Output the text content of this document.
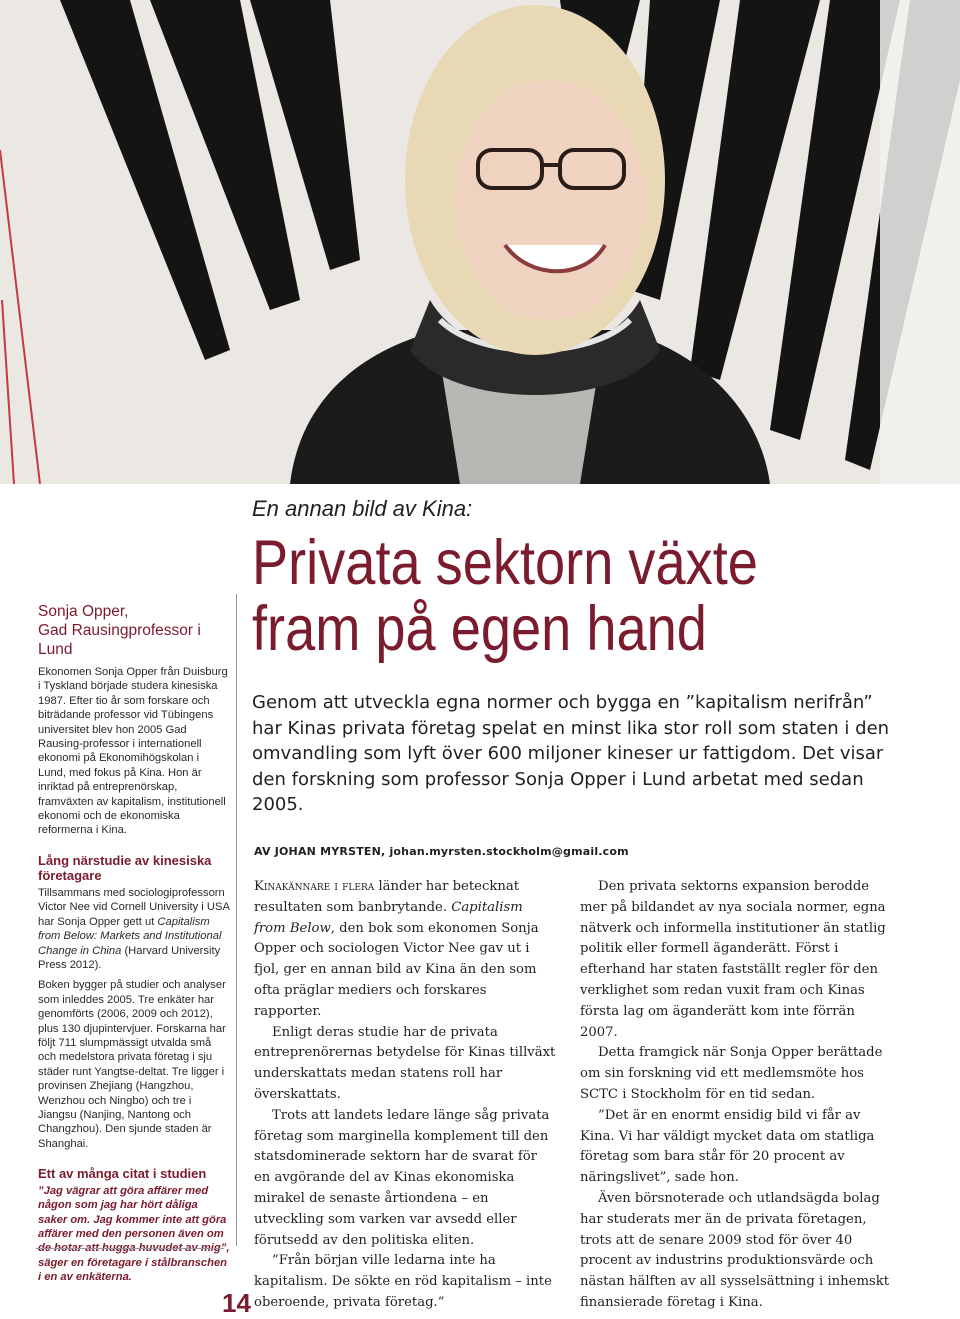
Sonja Opper,
Gad Rausingprofessor i Lund

Ekonomen Sonja Opper från Duisburg i Tyskland började studera kinesiska 1987. Efter tio år som forskare och biträdande professor vid Tübingens universitet blev hon 2005 Gad Rausing-professor i internationell ekonomi på Ekonomihögskolan i Lund, med fokus på Kina. Hon är inriktad på entreprenörskap, framväxten av kapitalism, institutionell ekonomi och de ekonomiska reformerna i Kina.

Lång närstudie av kinesiska företagare

Tillsammans med sociologiprofessorn Victor Nee vid Cornell University i USA har Sonja Opper gett ut Capitalism from Below: Markets and Institutional Change in China (Harvard University Press 2012).

Boken bygger på studier och analyser som inleddes 2005. Tre enkäter har genomförts (2006, 2009 och 2012), plus 130 djupintervjuer. Forskarna har följt 711 slumpmässigt utvalda små och medelstora privata företag i sju städer runt Yangtse-deltat. Tre ligger i provinsen Zhejiang (Hangzhou, Wenzhou och Ningbo) och tre i Jiangsu (Nanjing, Nantong och Changzhou). Den sjunde staden är Shanghai.

Ett av många citat i studien

”Jag vägrar att göra affärer med någon som jag har hört dåliga saker om. Jag kommer inte att göra affärer med den personen även om de hotar att hugga huvudet av mig”, säger en företagare i stålbranschen i en av enkäterna.

14
En annan bild av Kina:
Privata sektorn växte
fram på egen hand
Genom att utveckla egna normer och bygga en ”kapitalism nerifrån” har Kinas privata företag spelat en minst lika stor roll som staten i den omvandling som lyft över 600 miljoner kineser ur fattigdom. Det visar den forskning som professor Sonja Opper i Lund arbetat med sedan 2005.
AV JOHAN MYRSTEN, johan.myrsten.stockholm@gmail.com

Kinakännare i flera länder har betecknat resultaten som banbrytande. Capitalism from Below, den bok som ekonomen Sonja Opper och sociologen Victor Nee gav ut i fjol, ger en annan bild av Kina än den som ofta präglar mediers och forskares rapporter.

Enligt deras studie har de privata entreprenörernas betydelse för Kinas tillväxt underskattats medan statens roll har överskattats.

Trots att landets ledare länge såg privata företag som marginella komplement till den statsdominerade sektorn har de svarat för en avgörande del av Kinas ekonomiska mirakel de senaste årtiondena – en utveckling som varken var avsedd eller förutsedd av den politiska eliten.

”Från början ville ledarna inte ha kapitalism. De sökte en röd kapitalism – inte oberoende, privata företag.”

Den privata sektorns expansion berodde mer på bildandet av nya sociala normer, egna nätverk och informella institutioner än statlig politik eller formell äganderätt. Först i efterhand har staten fastställt regler för den verklighet som redan vuxit fram och Kinas första lag om äganderätt kom inte förrän 2007.

Detta framgick när Sonja Opper berättade om sin forskning vid ett medlemsmöte hos SCTC i Stockholm för en tid sedan.

”Det är en enormt ensidig bild vi får av Kina. Vi har väldigt mycket data om statliga företag som bara står för 20 procent av näringslivet”, sade hon.

Även börsnoterade och utlandsägda bolag har studerats mer än de privata företagen, trots att de senare 2009 stod för över 40 procent av industrins produktionsvärde och nästan hälften av all sysselsättning i inhemskt finansierade företag i Kina.
